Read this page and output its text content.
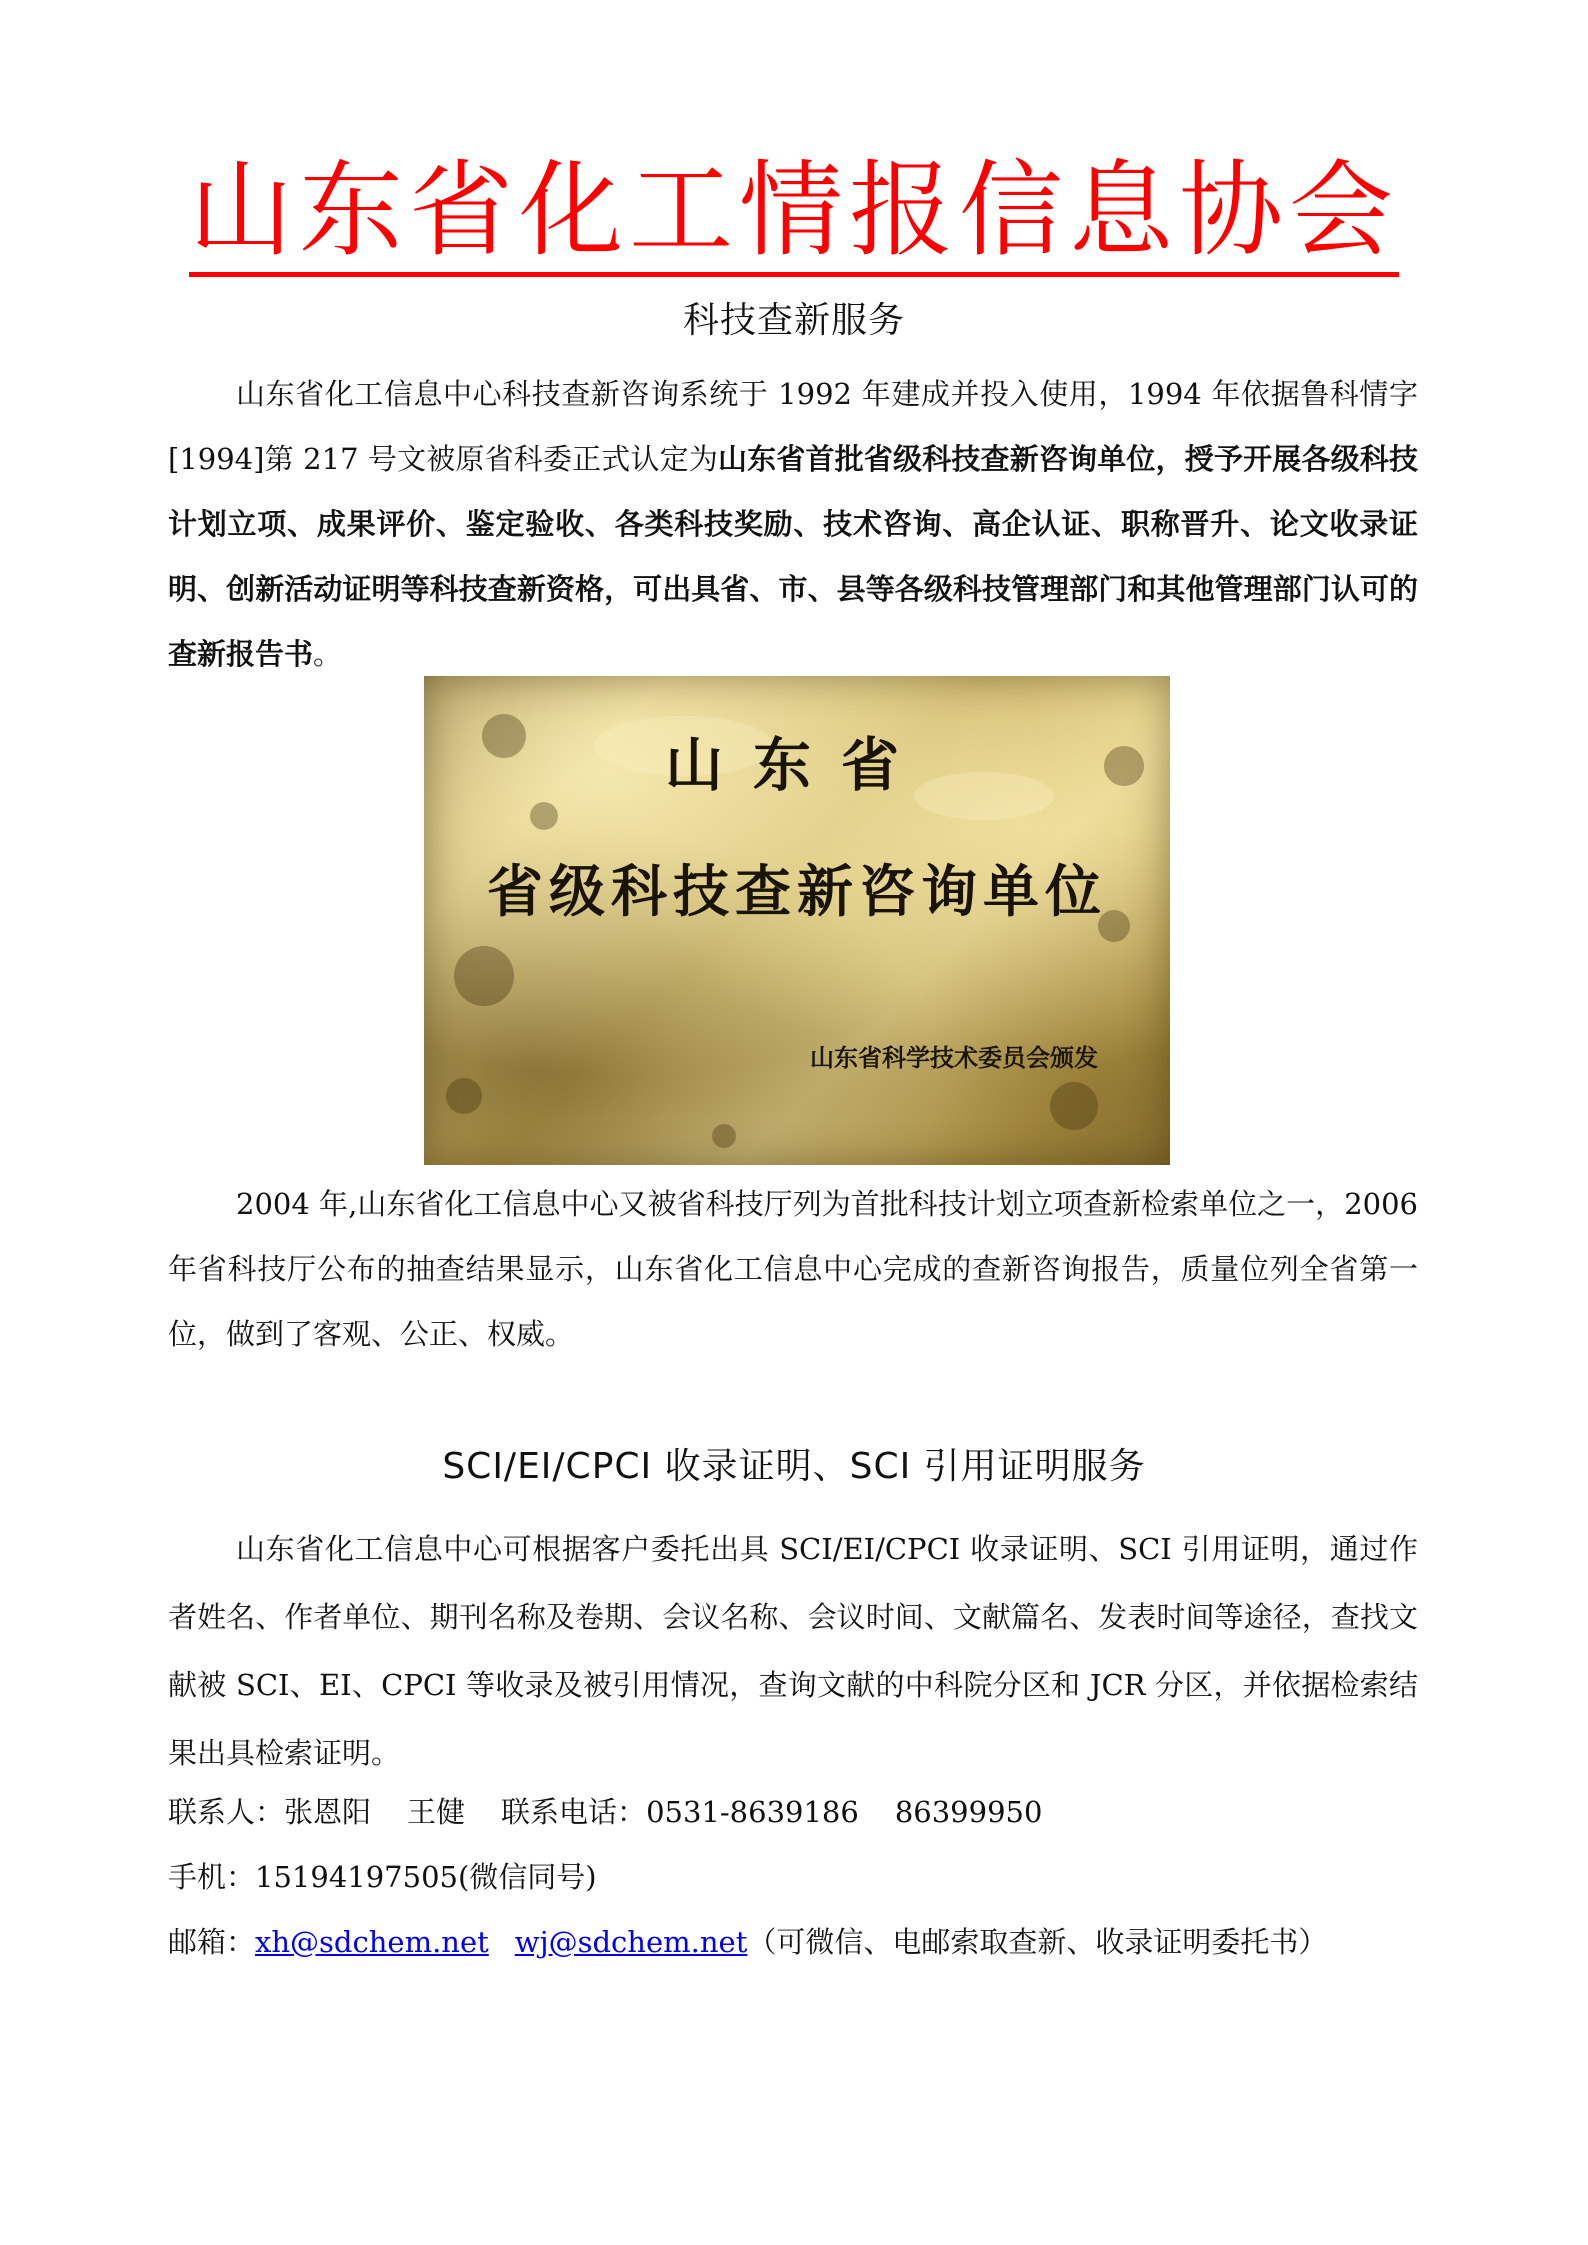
山东省化工情报信息协会
科技查新服务

山东省化工信息中心科技查新咨询系统于 1992 年建成并投入使用，1994 年依据鲁科情字[1994]第 217 号文被原省科委正式认定为山东省首批省级科技查新咨询单位，授予开展各级科技计划立项、成果评价、鉴定验收、各类科技奖励、技术咨询、高企认证、职称晋升、论文收录证明、创新活动证明等科技查新资格，可出具省、市、县等各级科技管理部门和其他管理部门认可的查新报告书。

山东省

省级科技查新咨询单位

山东省科学技术委员会颁发

2004 年,山东省化工信息中心又被省科技厅列为首批科技计划立项查新检索单位之一，2006 年省科技厅公布的抽查结果显示，山东省化工信息中心完成的查新咨询报告，质量位列全省第一位，做到了客观、公正、权威。

SCI/EI/CPCI 收录证明、SCI 引用证明服务

山东省化工信息中心可根据客户委托出具 SCI/EI/CPCI 收录证明、SCI 引用证明，通过作者姓名、作者单位、期刊名称及卷期、会议名称、会议时间、文献篇名、发表时间等途径，查找文献被 SCI、EI、CPCI 等收录及被引用情况，查询文献的中科院分区和 JCR 分区，并依据检索结果出具检索证明。

联系人：张恩阳 王健 联系电话：0531-8639186 86399950

手机：15194197505(微信同号)

邮箱：xh@sdchem.net wj@sdchem.net（可微信、电邮索取查新、收录证明委托书）
